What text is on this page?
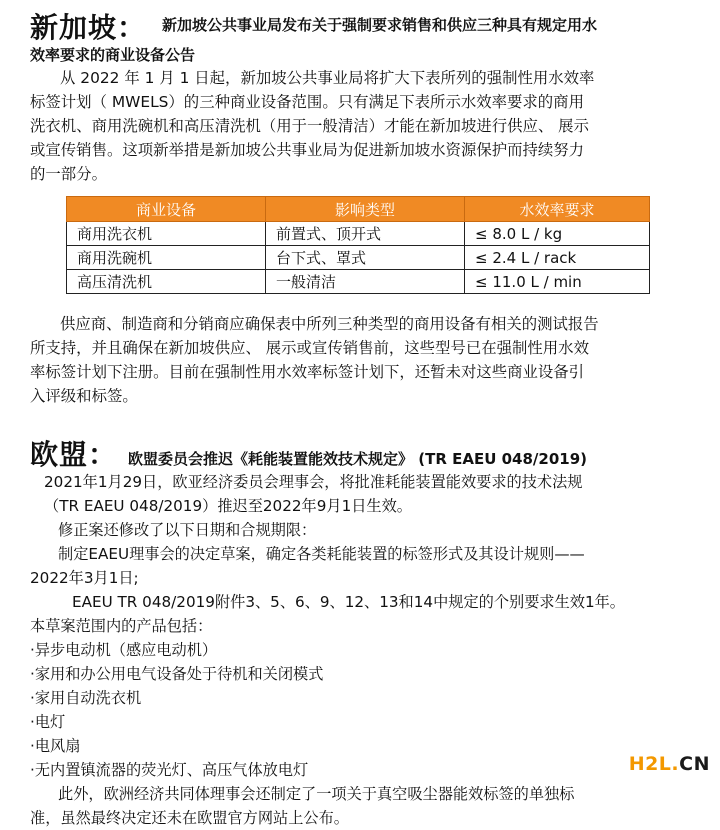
新加坡 ： 新加坡公共事业局发布关于强制要求销售和供应三种具有规定用水
效率要求的商业设备公告

从 2022 年 1 月 1 日起，新加坡公共事业局将扩大下表所列的强制性用水效率

标签计划（ MWELS）的三种商业设备范围。只有满足下表所示水效率要求的商用

洗衣机、商用洗碗机和高压清洗机（用于一般清洁）才能在新加坡进行供应、 展示

或宣传销售。这项新举措是新加坡公共事业局为促进新加坡水资源保护而持续努力

的一部分。

商业设备	影响类型	水效率要求
商用洗衣机	前置式、顶开式	≤ 8.0 L / kg
商用洗碗机	台下式、罩式	≤ 2.4 L / rack
高压清洗机	一般清洁	≤ 11.0 L / min

供应商、制造商和分销商应确保表中所列三种类型的商用设备有相关的测试报告

所支持，并且确保在新加坡供应、 展示或宣传销售前，这些型号已在强制性用水效

率标签计划下注册。目前在强制性用水效率标签计划下，还暂未对这些商业设备引

入评级和标签。

欧盟 ： 欧盟委员会推迟《耗能装置能效技术规定》 (TR EAEU 048/2019)
2021年1月29日，欧亚经济委员会理事会，将批准耗能装置能效要求的技术法规
（TR EAEU 048/2019）推迟至2022年9月1日生效。
修正案还修改了以下日期和合规期限：
制定EAEU理事会的决定草案，确定各类耗能装置的标签形式及其设计规则——
2022年3月1日;
EAEU TR 048/2019附件3、5、6、9、12、13和14中规定的个别要求生效1年。
本草案范围内的产品包括：
·异步电动机（感应电动机）
·家用和办公用电气设备处于待机和关闭模式
·家用自动洗衣机
·电灯
·电风扇
·无内置镇流器的荧光灯、高压气体放电灯
此外，欧洲经济共同体理事会还制定了一项关于真空吸尘器能效标签的单独标
准，虽然最终决定还未在欧盟官方网站上公布。
H2L.CN
